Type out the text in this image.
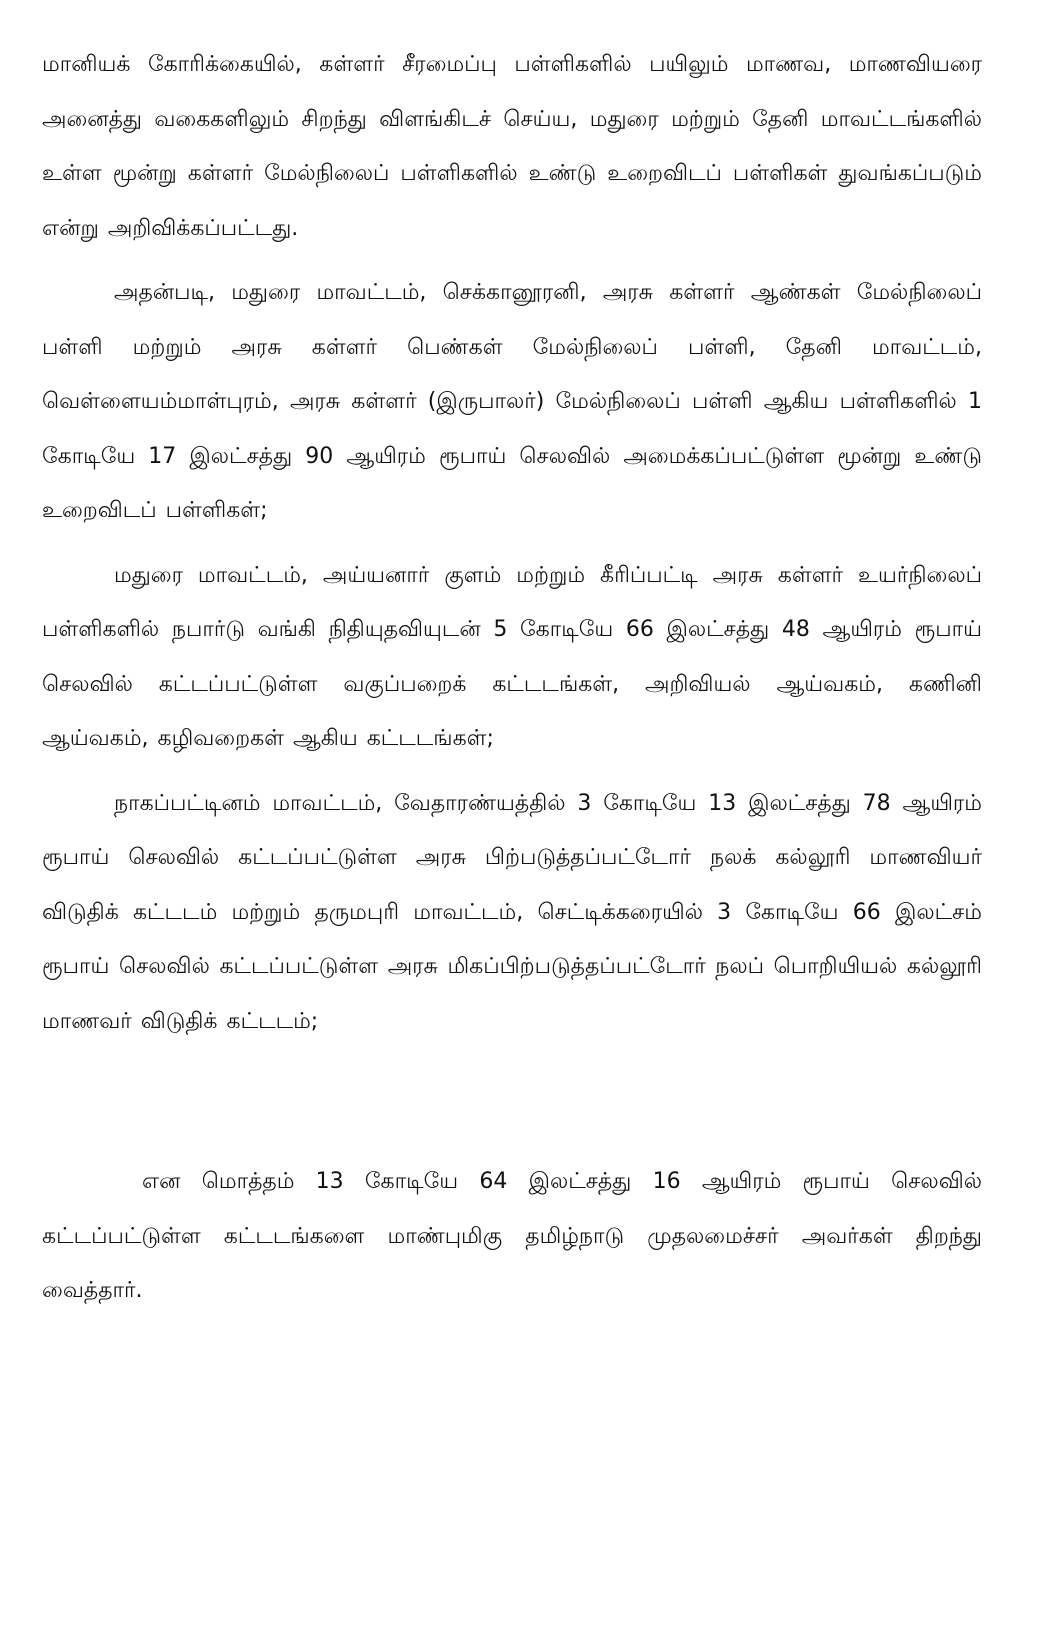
மானியக் கோரிக்கையில், கள்ளர் சீரமைப்பு பள்ளிகளில் பயிலும் மாணவ, மாணவியரை அனைத்து வகைகளிலும் சிறந்து விளங்கிடச் செய்ய, மதுரை மற்றும் தேனி மாவட்டங்களில் உள்ள மூன்று கள்ளர் மேல்நிலைப் பள்ளிகளில் உண்டு உறைவிடப் பள்ளிகள் துவங்கப்படும் என்று அறிவிக்கப்பட்டது.

அதன்படி, மதுரை மாவட்டம், செக்கானூரனி, அரசு கள்ளர் ஆண்கள் மேல்நிலைப் பள்ளி மற்றும் அரசு கள்ளர் பெண்கள் மேல்நிலைப் பள்ளி, தேனி மாவட்டம், வெள்ளையம்மாள்புரம், அரசு கள்ளர் (இருபாலர்) மேல்நிலைப் பள்ளி ஆகிய பள்ளிகளில் 1 கோடியே 17 இலட்சத்து 90 ஆயிரம் ரூபாய் செலவில் அமைக்கப்பட்டுள்ள மூன்று உண்டு உறைவிடப் பள்ளிகள்;

மதுரை மாவட்டம், அய்யனார் குளம் மற்றும் கீரிப்பட்டி அரசு கள்ளர் உயர்நிலைப் பள்ளிகளில் நபார்டு வங்கி நிதியுதவியுடன் 5 கோடியே 66 இலட்சத்து 48 ஆயிரம் ரூபாய் செலவில் கட்டப்பட்டுள்ள வகுப்பறைக் கட்டடங்கள், அறிவியல் ஆய்வகம், கணினி ஆய்வகம், கழிவறைகள் ஆகிய கட்டடங்கள்;

நாகப்பட்டினம் மாவட்டம், வேதாரண்யத்தில் 3 கோடியே 13 இலட்சத்து 78 ஆயிரம் ரூபாய் செலவில் கட்டப்பட்டுள்ள அரசு பிற்படுத்தப்பட்டோர் நலக் கல்லூரி மாணவியர் விடுதிக் கட்டடம் மற்றும் தருமபுரி மாவட்டம், செட்டிக்கரையில் 3 கோடியே 66 இலட்சம் ரூபாய் செலவில் கட்டப்பட்டுள்ள அரசு மிகப்பிற்படுத்தப்பட்டோர் நலப் பொறியியல் கல்லூரி மாணவர் விடுதிக் கட்டடம்;

என மொத்தம் 13 கோடியே 64 இலட்சத்து 16 ஆயிரம் ரூபாய் செலவில் கட்டப்பட்டுள்ள கட்டடங்களை மாண்புமிகு தமிழ்நாடு முதலமைச்சர் அவர்கள் திறந்து வைத்தார்.
